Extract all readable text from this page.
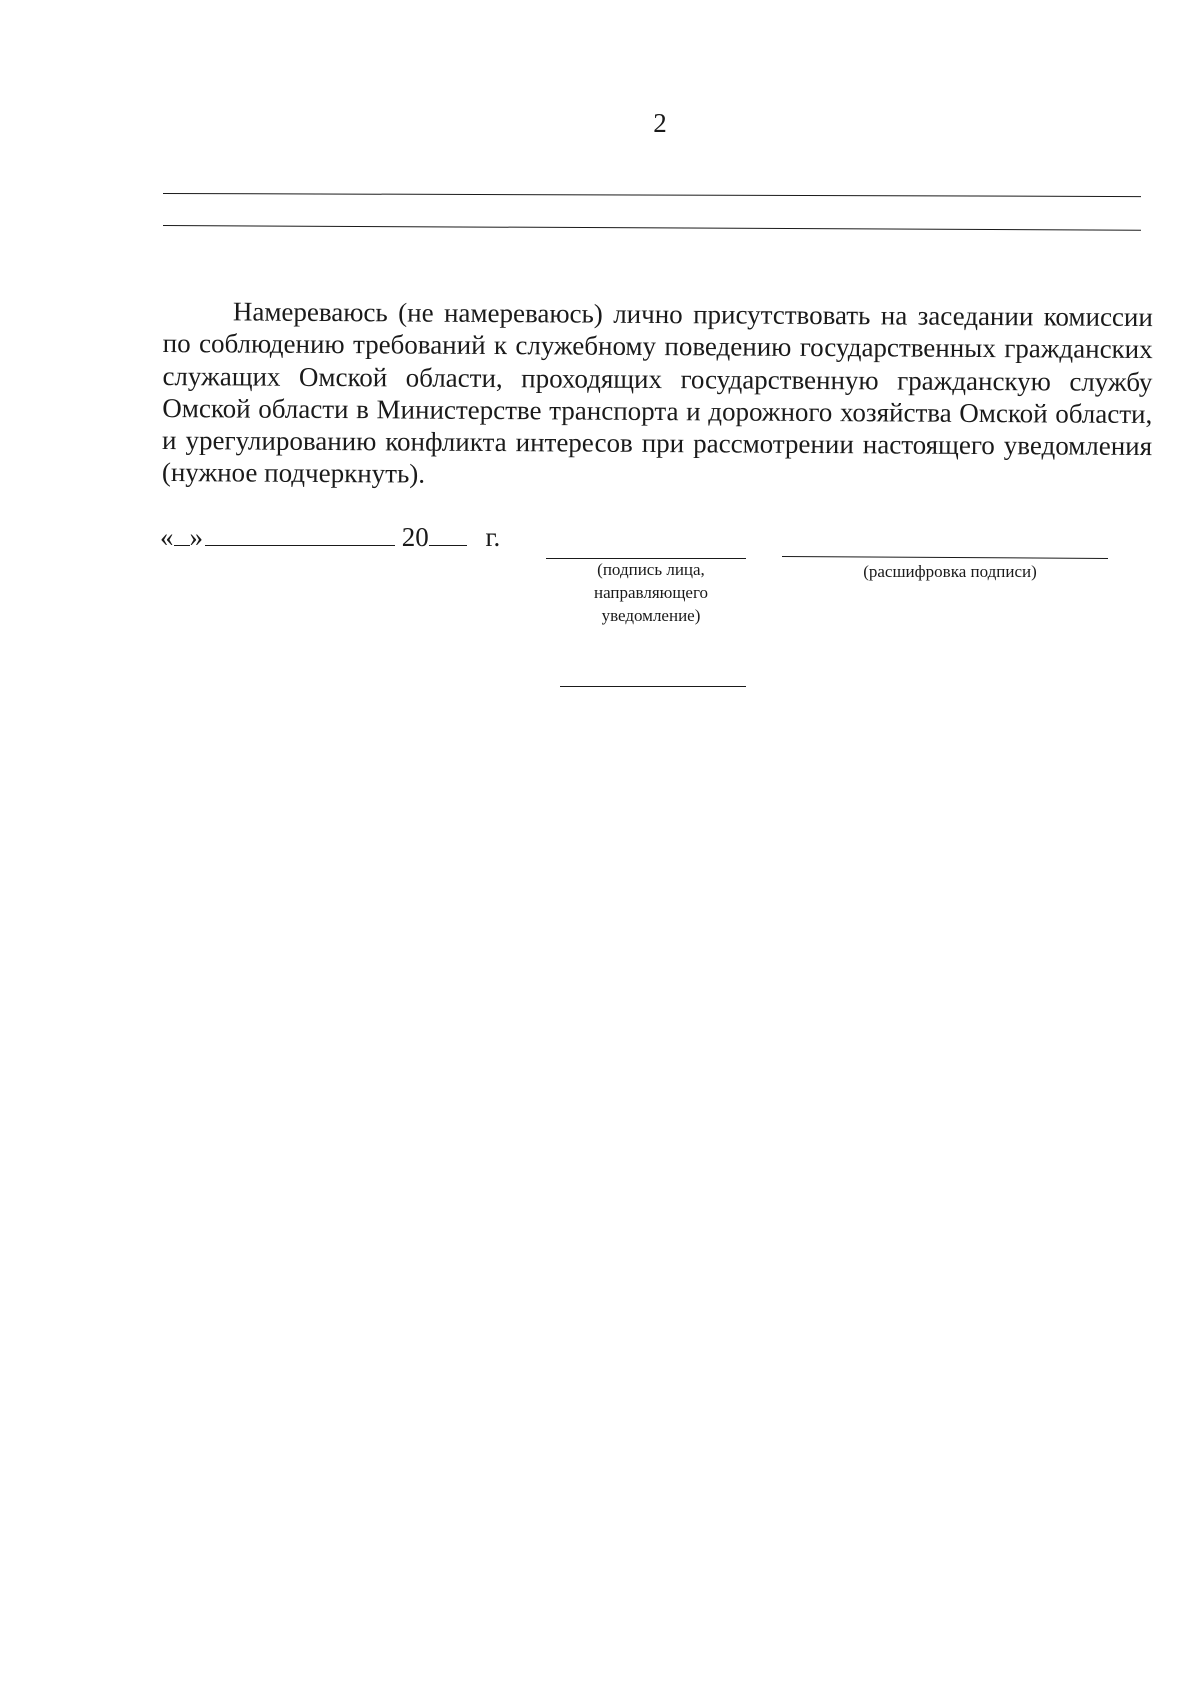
2

Намереваюсь (не намереваюсь) лично присутствовать на заседании комиссии по соблюдению требований к служебному поведению государственных гражданских служащих Омской области, проходящих государственную гражданскую службу Омской области в Министерстве транспорта и дорожного хозяйства Омской области, и урегулированию конфликта интересов при рассмотрении настоящего уведомления (нужное подчеркнуть).

« »	20 г.
(подпись лица, направляющего уведомление)
(расшифровка подписи)
